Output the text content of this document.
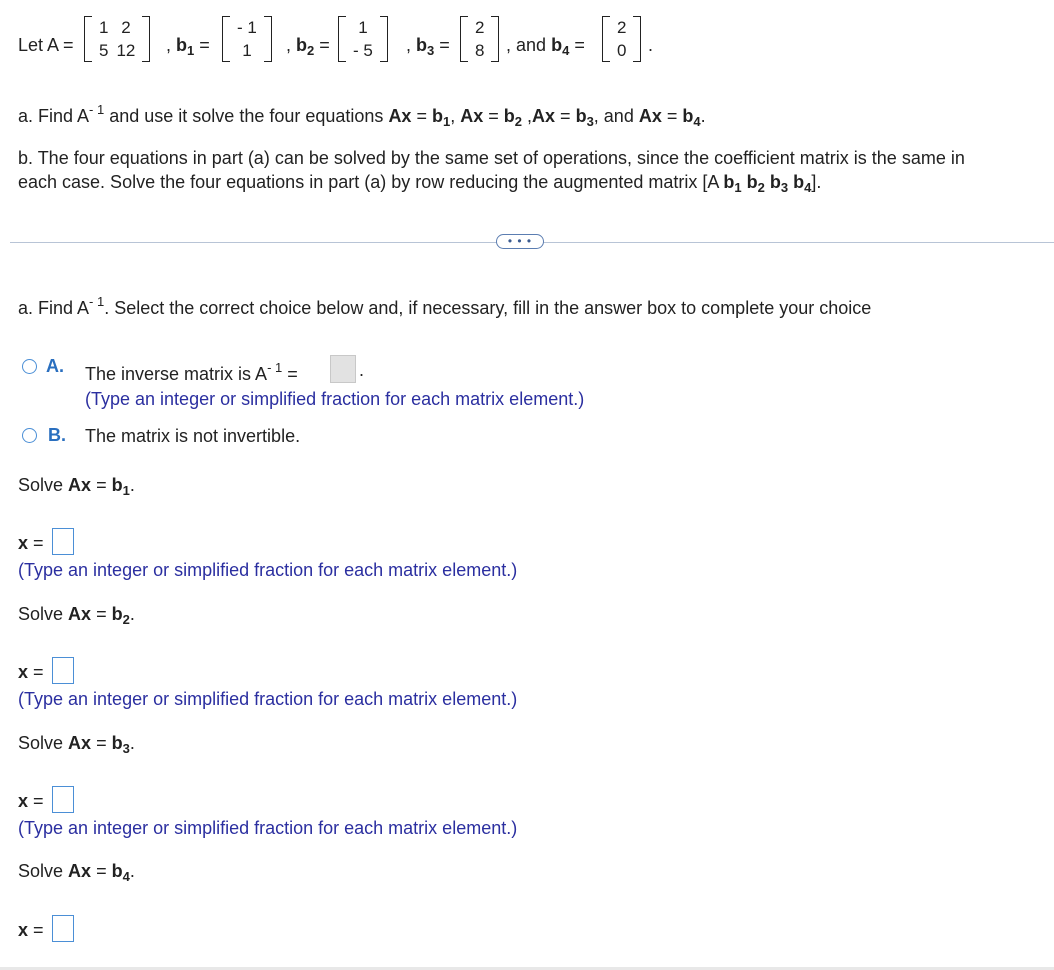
Let A =
1	2
5	12 , $b_1$ =
- 1
1 , $b_2$ =
1
- 5 , $b_3$ =
2
8 , and $b_4$ =
2
0 .
a. Find $A^{- 1}$ and use it solve the four equations $Ax = b_1$, $Ax = b_2$ $,Ax = b_3$, and $Ax = b_4$.
b. The four equations in part (a) can be solved by the same set of operations, since the coefficient matrix is the same in
each case. Solve the four equations in part (a) by row reducing the augmented matrix [A $b_1$ $b_2$ $b_3$ $b_4$].
• • •
a. Find $A^{- 1}$. Select the correct choice below and, if necessary, fill in the answer box to complete your choice
A. The inverse matrix is $A^{- 1}$ =	.
(Type an integer or simplified fraction for each matrix element.)
B. The matrix is not invertible.
Solve $Ax = b_1$.
x =
(Type an integer or simplified fraction for each matrix element.)
Solve $Ax = b_2$.
x =
(Type an integer or simplified fraction for each matrix element.)
Solve $Ax = b_3$.
x =
(Type an integer or simplified fraction for each matrix element.)
Solve $Ax = b_4$.
x =
